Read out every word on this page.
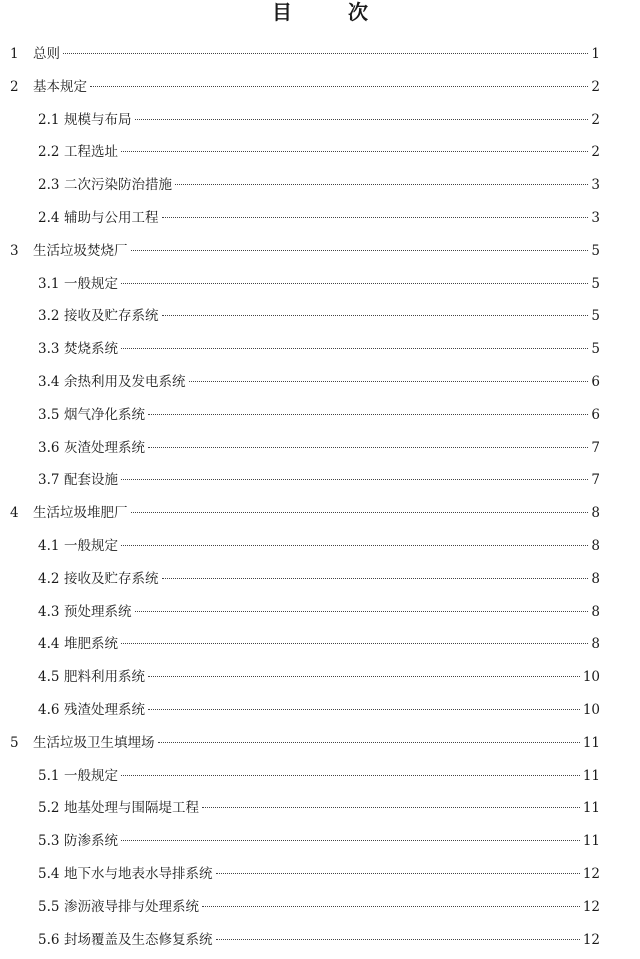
目　次
1	总则	1
2	基本规定	2
2.1 规模与布局	2
2.2 工程选址	2
2.3 二次污染防治措施	3
2.4 辅助与公用工程	3
3	生活垃圾焚烧厂	5
3.1 一般规定	5
3.2 接收及贮存系统	5
3.3 焚烧系统	5
3.4 余热利用及发电系统	6
3.5 烟气净化系统	6
3.6 灰渣处理系统	7
3.7 配套设施	7
4	生活垃圾堆肥厂	8
4.1 一般规定	8
4.2 接收及贮存系统	8
4.3 预处理系统	8
4.4 堆肥系统	8
4.5 肥料利用系统	10
4.6 残渣处理系统	10
5	生活垃圾卫生填埋场	11
5.1 一般规定	11
5.2 地基处理与围隔堤工程	11
5.3 防渗系统	11
5.4 地下水与地表水导排系统	12
5.5 渗沥液导排与处理系统	12
5.6 封场覆盖及生态修复系统	12
